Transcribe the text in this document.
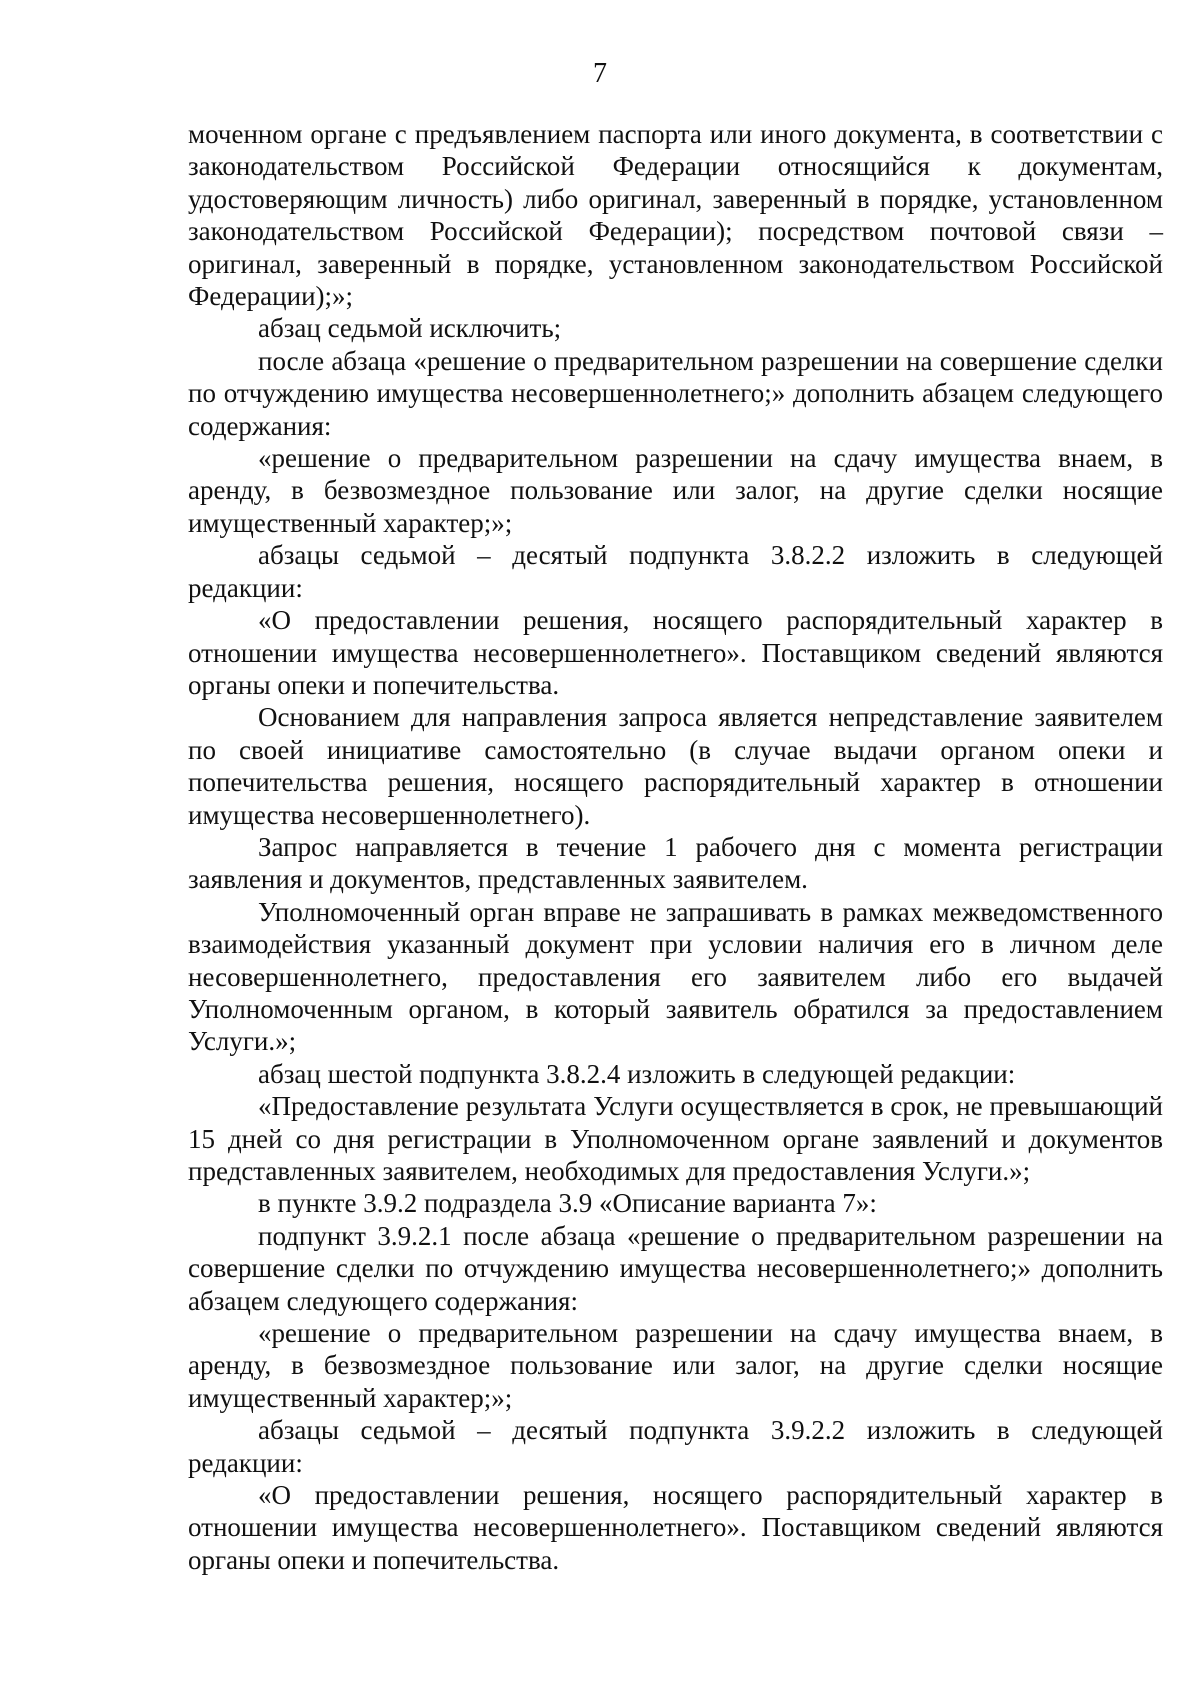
7

моченном органе с предъявлением паспорта или иного документа, в соответствии с законодательством Российской Федерации относящийся к документам, удостоверяющим личность) либо оригинал, заверенный в порядке, установленном законодательством Российской Федерации); посредством почтовой связи – оригинал, заверенный в порядке, установленном законодательством Российской Федерации);»;

абзац седьмой исключить;

после абзаца «решение о предварительном разрешении на совершение сделки по отчуждению имущества несовершеннолетнего;» дополнить абзацем следующего содержания:

«решение о предварительном разрешении на сдачу имущества внаем, в аренду, в безвозмездное пользование или залог, на другие сделки носящие имущественный характер;»;

абзацы седьмой – десятый подпункта 3.8.2.2 изложить в следующей редакции:

«О предоставлении решения, носящего распорядительный характер в отношении имущества несовершеннолетнего». Поставщиком сведений являются органы опеки и попечительства.

Основанием для направления запроса является непредставление заявителем по своей инициативе самостоятельно (в случае выдачи органом опеки и попечительства решения, носящего распорядительный характер в отношении имущества несовершеннолетнего).

Запрос направляется в течение 1 рабочего дня с момента регистрации заявления и документов, представленных заявителем.

Уполномоченный орган вправе не запрашивать в рамках межведомственного взаимодействия указанный документ при условии наличия его в личном деле несовершеннолетнего, предоставления его заявителем либо его выдачей Уполномоченным органом, в который заявитель обратился за предоставлением Услуги.»;

абзац шестой подпункта 3.8.2.4 изложить в следующей редакции:

«Предоставление результата Услуги осуществляется в срок, не превышающий 15 дней со дня регистрации в Уполномоченном органе заявлений и документов представленных заявителем, необходимых для предоставления Услуги.»;

в пункте 3.9.2 подраздела 3.9 «Описание варианта 7»:

подпункт 3.9.2.1 после абзаца «решение о предварительном разрешении на совершение сделки по отчуждению имущества несовершеннолетнего;» дополнить абзацем следующего содержания:

«решение о предварительном разрешении на сдачу имущества внаем, в аренду, в безвозмездное пользование или залог, на другие сделки носящие имущественный характер;»;

абзацы седьмой – десятый подпункта 3.9.2.2 изложить в следующей редакции:

«О предоставлении решения, носящего распорядительный характер в отношении имущества несовершеннолетнего». Поставщиком сведений являются органы опеки и попечительства.
